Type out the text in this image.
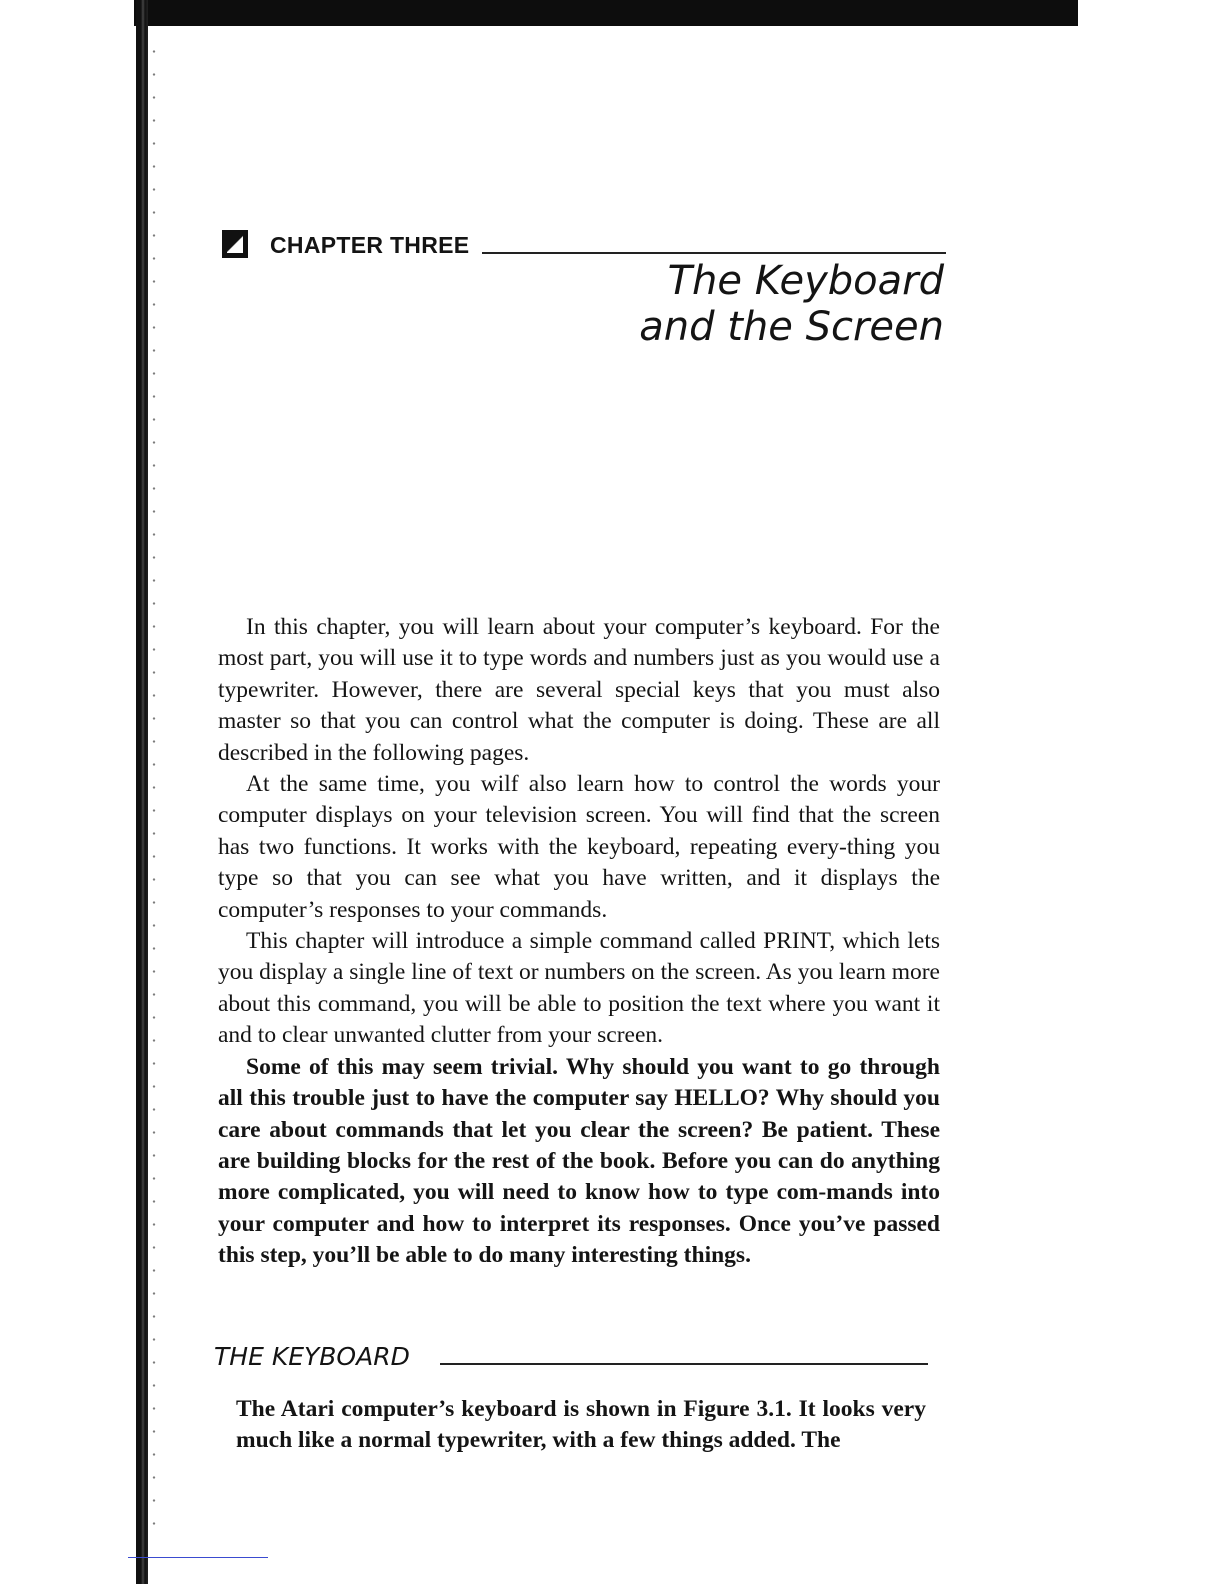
CHAPTER THREE
The Keyboard
and the Screen

In this chapter, you will learn about your computer’s keyboard. For the most part, you will use it to type words and numbers just as you would use a typewriter. However, there are several special keys that you must also master so that you can control what the computer is doing. These are all described in the following pages.

At the same time, you wilf also learn how to control the words your computer displays on your television screen. You will find that the screen has two functions. It works with the keyboard, repeating every-thing you type so that you can see what you have written, and it displays the computer’s responses to your commands.

This chapter will introduce a simple command called PRINT, which lets you display a single line of text or numbers on the screen. As you learn more about this command, you will be able to position the text where you want it and to clear unwanted clutter from your screen.

Some of this may seem trivial. Why should you want to go through all this trouble just to have the computer say HELLO? Why should you care about commands that let you clear the screen? Be patient. These are building blocks for the rest of the book. Before you can do anything more complicated, you will need to know how to type com-mands into your computer and how to interpret its responses. Once you’ve passed this step, you’ll be able to do many interesting things.

THE KEYBOARD

The Atari computer’s keyboard is shown in Figure 3.1. It looks very much like a normal typewriter, with a few things added. The
